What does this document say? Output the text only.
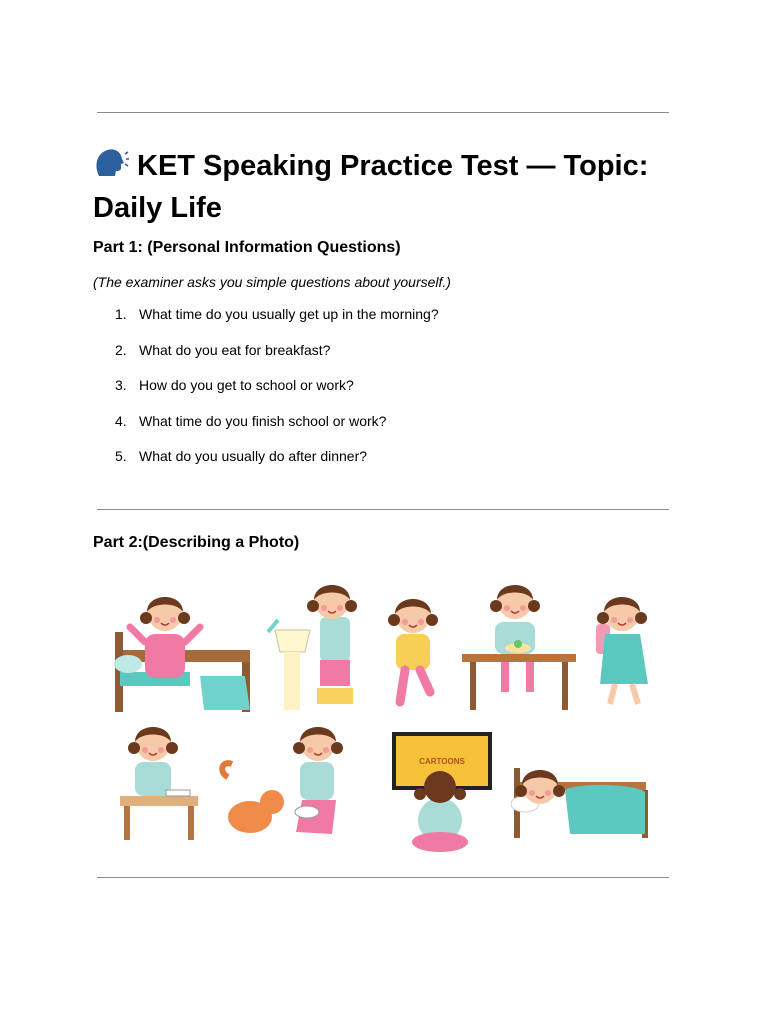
KET Speaking Practice Test — Topic: Daily Life
Part 1: (Personal Information Questions)

(The examiner asks you simple questions about yourself.)

1. What time do you usually get up in the morning?
2. What do you eat for breakfast?
3. How do you get to school or work?
4. What time do you finish school or work?
5. What do you usually do after dinner?
Part 2:(Describing a Photo)
CARTOONS
